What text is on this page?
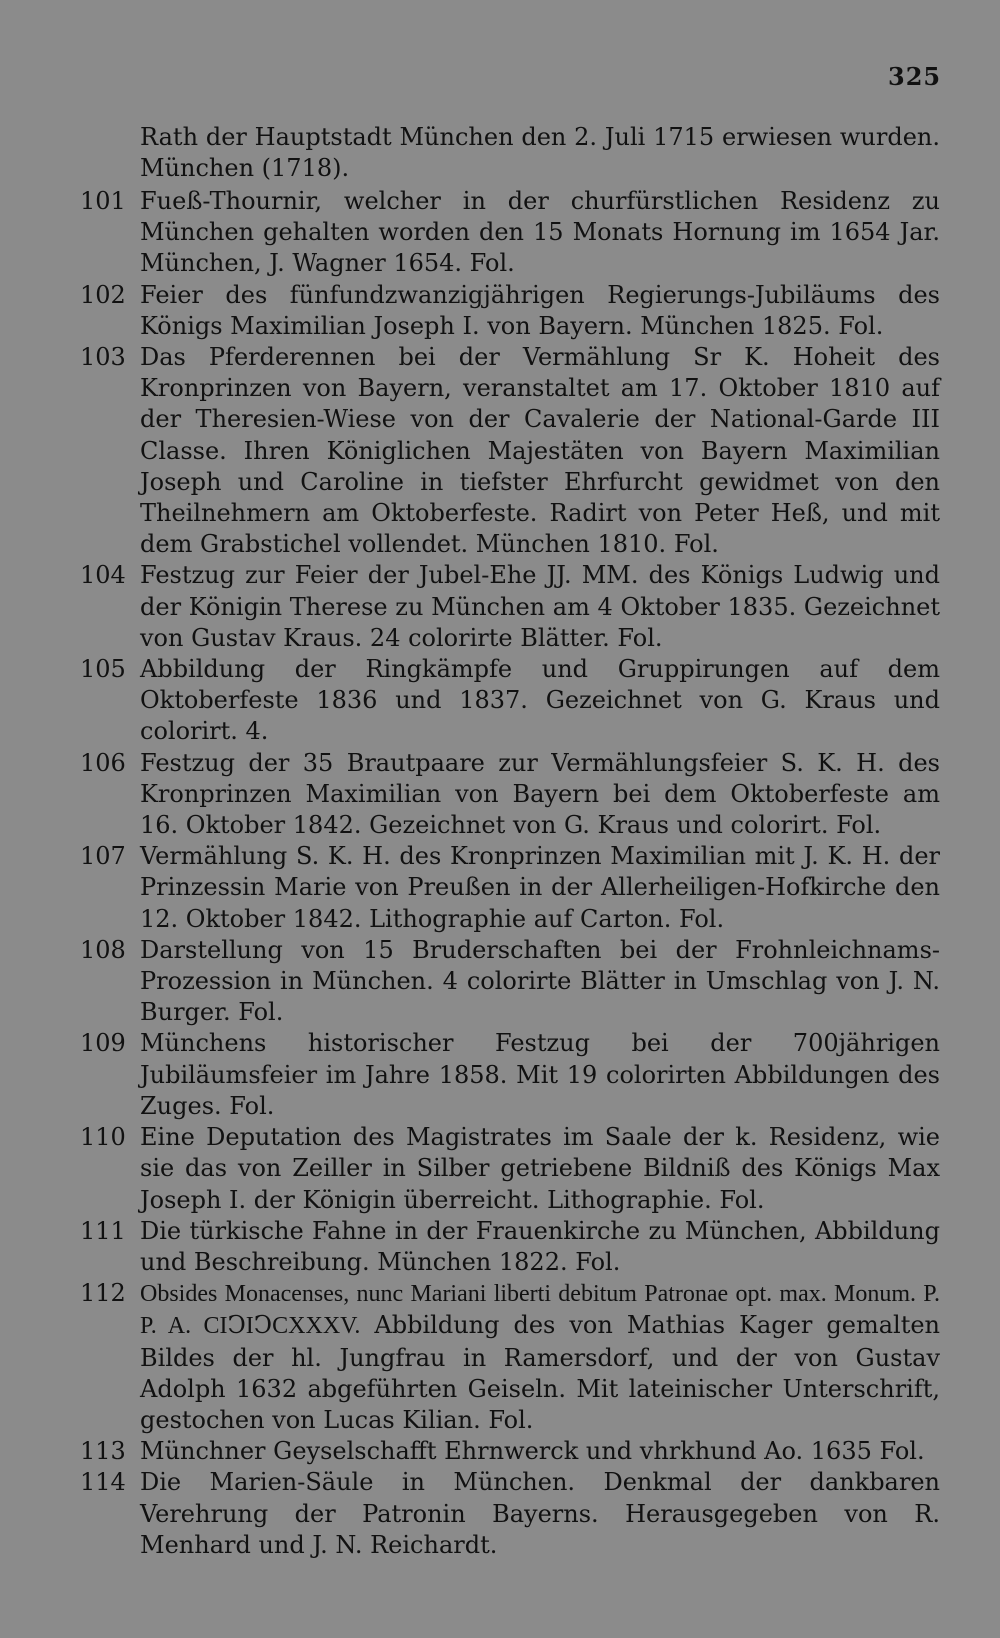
325
Rath der Hauptstadt München den 2. Juli 1715 erwiesen wurden. München (1718).
101 Fueß-Thournir, welcher in der churfürstlichen Residenz zu München gehalten worden den 15 Monats Hornung im 1654 Jar. München, J. Wagner 1654. Fol.
102 Feier des fünfundzwanzigjährigen Regierungs-Jubiläums des Königs Maximilian Joseph I. von Bayern. München 1825. Fol.
103 Das Pferderennen bei der Vermählung Sr K. Hoheit des Kronprinzen von Bayern, veranstaltet am 17. Oktober 1810 auf der Theresien-Wiese von der Cavalerie der National-Garde III Classe. Ihren Königlichen Majestäten von Bayern Maximilian Joseph und Caroline in tiefster Ehrfurcht gewidmet von den Theilnehmern am Oktoberfeste. Radirt von Peter Heß, und mit dem Grabstichel vollendet. München 1810. Fol.
104 Festzug zur Feier der Jubel-Ehe JJ. MM. des Königs Ludwig und der Königin Therese zu München am 4 Oktober 1835. Gezeichnet von Gustav Kraus. 24 colorirte Blätter. Fol.
105 Abbildung der Ringkämpfe und Gruppirungen auf dem Oktoberfeste 1836 und 1837. Gezeichnet von G. Kraus und colorirt. 4.
106 Festzug der 35 Brautpaare zur Vermählungsfeier S. K. H. des Kronprinzen Maximilian von Bayern bei dem Oktoberfeste am 16. Oktober 1842. Gezeichnet von G. Kraus und colorirt. Fol.
107 Vermählung S. K. H. des Kronprinzen Maximilian mit J. K. H. der Prinzessin Marie von Preußen in der Allerheiligen-Hofkirche den 12. Oktober 1842. Lithographie auf Carton. Fol.
108 Darstellung von 15 Bruderschaften bei der Frohnleichnams-Prozession in München. 4 colorirte Blätter in Umschlag von J. N. Burger. Fol.
109 Münchens historischer Festzug bei der 700jährigen Jubiläumsfeier im Jahre 1858. Mit 19 colorirten Abbildungen des Zuges. Fol.
110 Eine Deputation des Magistrates im Saale der k. Residenz, wie sie das von Zeiller in Silber getriebene Bildniß des Königs Max Joseph I. der Königin überreicht. Lithographie. Fol.
111 Die türkische Fahne in der Frauenkirche zu München, Abbildung und Beschreibung. München 1822. Fol.
112 Obsides Monacenses, nunc Mariani liberti debitum Patronae opt. max. Monum. P. P. A. CIↃIↃCXXXV. Abbildung des von Mathias Kager gemalten Bildes der hl. Jungfrau in Ramersdorf, und der von Gustav Adolph 1632 abgeführten Geiseln. Mit lateinischer Unterschrift, gestochen von Lucas Kilian. Fol.
113 Münchner Geyselschafft Ehrnwerck und vhrkhund Ao. 1635 Fol.
114 Die Marien-Säule in München. Denkmal der dankbaren Verehrung der Patronin Bayerns. Herausgegeben von R. Menhard und J. N. Reichardt.
